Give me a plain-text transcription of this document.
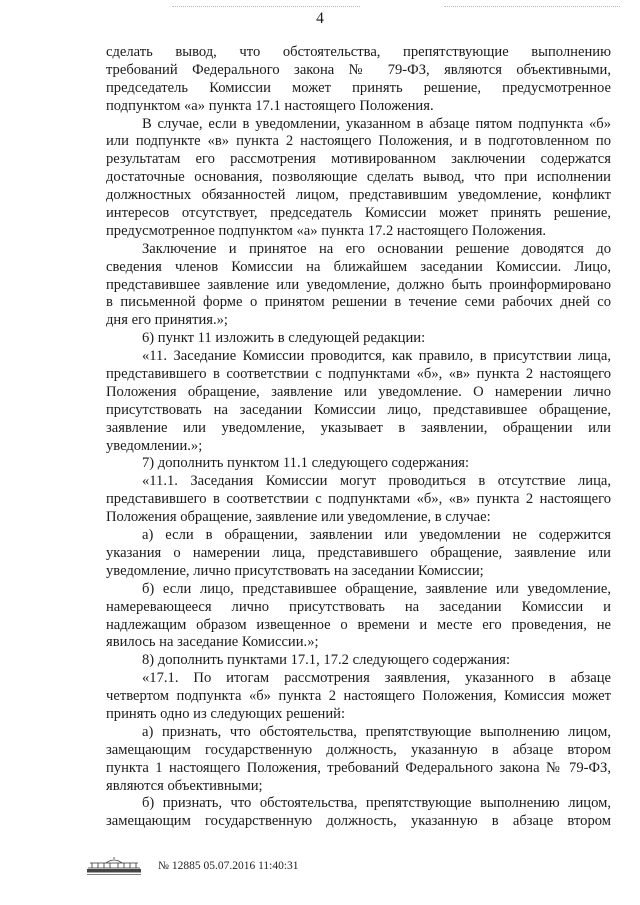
4
сделать вывод, что обстоятельства, препятствующие выполнению
требований Федерального закона № 79-ФЗ, являются объективными,
председатель Комиссии может принять решение, предусмотренное
подпунктом «а» пункта 17.1 настоящего Положения.
В случае, если в уведомлении, указанном в абзаце пятом подпункта «б»
или подпункте «в» пункта 2 настоящего Положения, и в подготовленном по
результатам его рассмотрения мотивированном заключении содержатся
достаточные основания, позволяющие сделать вывод, что при исполнении
должностных обязанностей лицом, представившим уведомление, конфликт
интересов отсутствует, председатель Комиссии может принять решение,
предусмотренное подпунктом «а» пункта 17.2 настоящего Положения.
Заключение и принятое на его основании решение доводятся до
сведения членов Комиссии на ближайшем заседании Комиссии. Лицо,
представившее заявление или уведомление, должно быть проинформировано
в письменной форме о принятом решении в течение семи рабочих дней со
дня его принятия.»;
6) пункт 11 изложить в следующей редакции:
«11. Заседание Комиссии проводится, как правило, в присутствии лица,
представившего в соответствии с подпунктами «б», «в» пункта 2 настоящего
Положения обращение, заявление или уведомление. О намерении лично
присутствовать на заседании Комиссии лицо, представившее обращение,
заявление или уведомление, указывает в заявлении, обращении или
уведомлении.»;
7) дополнить пунктом 11.1 следующего содержания:
«11.1. Заседания Комиссии могут проводиться в отсутствие лица,
представившего в соответствии с подпунктами «б», «в» пункта 2 настоящего
Положения обращение, заявление или уведомление, в случае:
а) если в обращении, заявлении или уведомлении не содержится
указания о намерении лица, представившего обращение, заявление или
уведомление, лично присутствовать на заседании Комиссии;
б) если лицо, представившее обращение, заявление или уведомление,
намеревающееся лично присутствовать на заседании Комиссии и
надлежащим образом извещенное о времени и месте его проведения, не
явилось на заседание Комиссии.»;
8) дополнить пунктами 17.1, 17.2 следующего содержания:
«17.1. По итогам рассмотрения заявления, указанного в абзаце
четвертом подпункта «б» пункта 2 настоящего Положения, Комиссия может
принять одно из следующих решений:
а) признать, что обстоятельства, препятствующие выполнению лицом,
замещающим государственную должность, указанную в абзаце втором
пункта 1 настоящего Положения, требований Федерального закона № 79-ФЗ,
являются объективными;
б) признать, что обстоятельства, препятствующие выполнению лицом,
замещающим государственную должность, указанную в абзаце втором
№ 12885 05.07.2016 11:40:31
